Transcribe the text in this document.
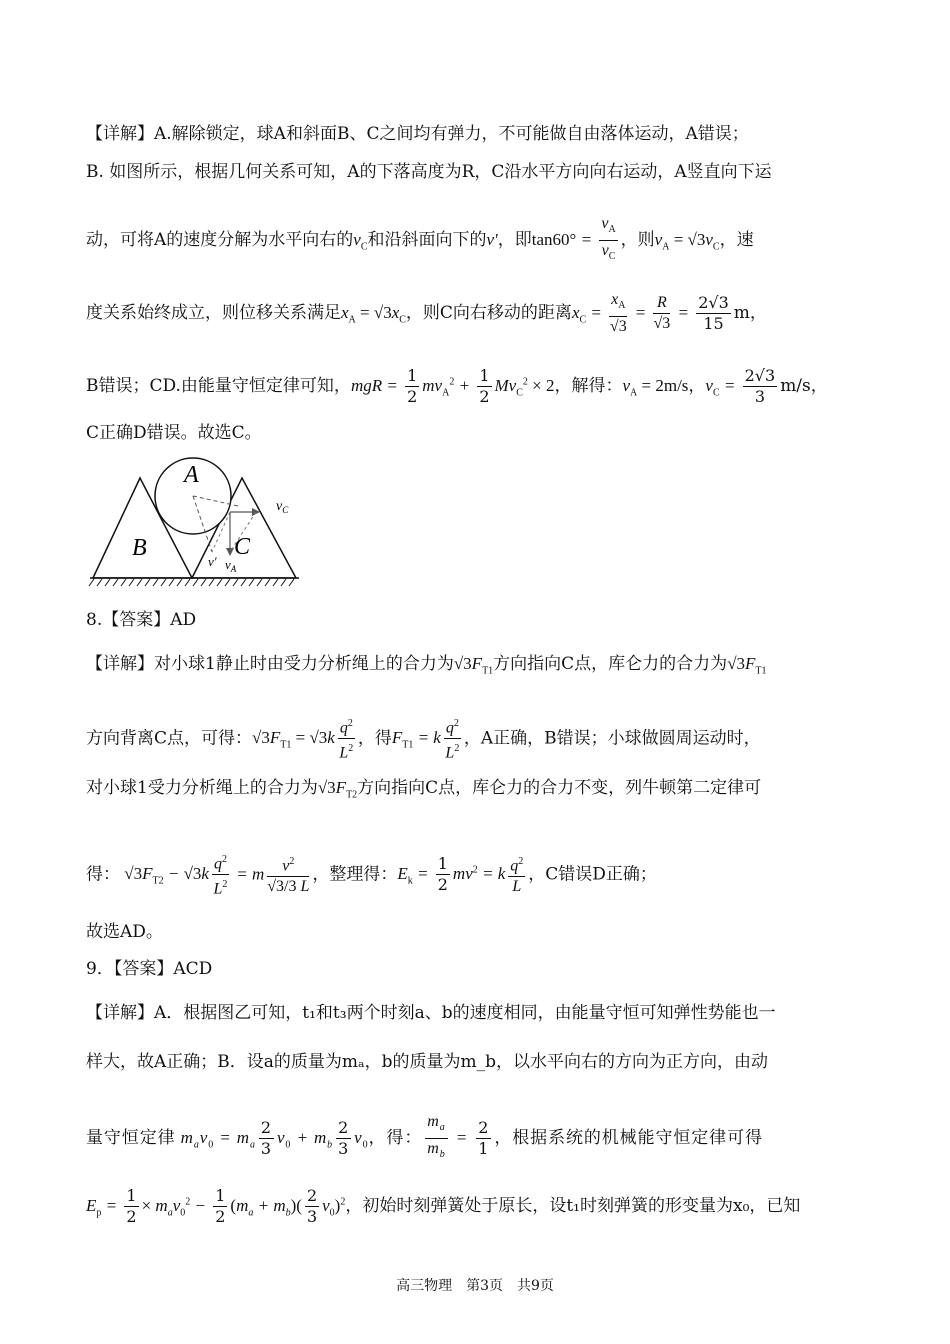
【详解】A.解除锁定，球A和斜面B、C之间均有弹力，不可能做自由落体运动，A错误；
B. 如图所示，根据几何关系可知，A的下落高度为R，C沿水平方向向右运动，A竖直向下运
动，可将A的速度分解为水平向右的$v_C$和沿斜面向下的v′，即$\tan 60^\circ = \frac{v_A}{v_C}$ ，则$v_A = √3v_C$，速
度关系始终成立，则位移关系满足$x_A = √3x_C$，则C向右移动的距离$x_C = \frac{x_A}{√3} = \frac{R}{√3} = \frac{2√3}{15}$ m，
B错误；CD.由能量守恒定律可知，mgR = $\frac{1}{2} mv_A^2 + \frac{1}{2} Mv_C^2 \times 2$，解得：$v_A = 2m/s$，$v_C = \frac{2√3}{3} m/s$，
C正确D错误。故选C。
A
B	C
$v_C$
v′ $v_A$
8.【答案】AD
【详解】对小球1静止时由受力分析绳上的合力为$√3F_{T1}$方向指向C点，库仑力的合力为$√3F_{T1}$
方向背离C点，可得：$√3F_{T1} = √3k \frac{q^2}{L^2}$ ，得$F_{T1} = k \frac{q^2}{L^2}$ ，A正确，B错误；小球做圆周运动时，
对小球1受力分析绳上的合力为$√3F_{T2}$方向指向C点，库仑力的合力不变，列牛顿第二定律可
得： $√3F_{T2} - √3k \frac{q^2}{L^2} = m \frac{v^2}{√3/3 L}$ ，整理得：$E_k = \frac{1}{2} mv^2 = k \frac{q^2}{L}$ ，C错误D正确；
故选AD。
9．【答案】ACD
【详解】A．根据图乙可知，t₁和t₃两个时刻a、b的速度相同，由能量守恒可知弹性势能也一
样大，故A正确；B．设a的质量为mₐ，b的质量为m_b，以水平向右的方向为正方向，由动
量守恒定律 $m_av_0 = m_a \frac{2}{3} v_0 + m_b \frac{2}{3} v_0$，得： $\frac{m_a}{m_b} = \frac{2}{1}$ ，根据系统的机械能守恒定律可得
$E_p = \frac{1}{2} \times m_av_0^2 - \frac{1}{2} (m_a + m_b)( \frac{2}{3} v_0)^2$，初始时刻弹簧处于原长，设t₁时刻弹簧的形变量为x₀，已知
高三物理　第3页　共9页
